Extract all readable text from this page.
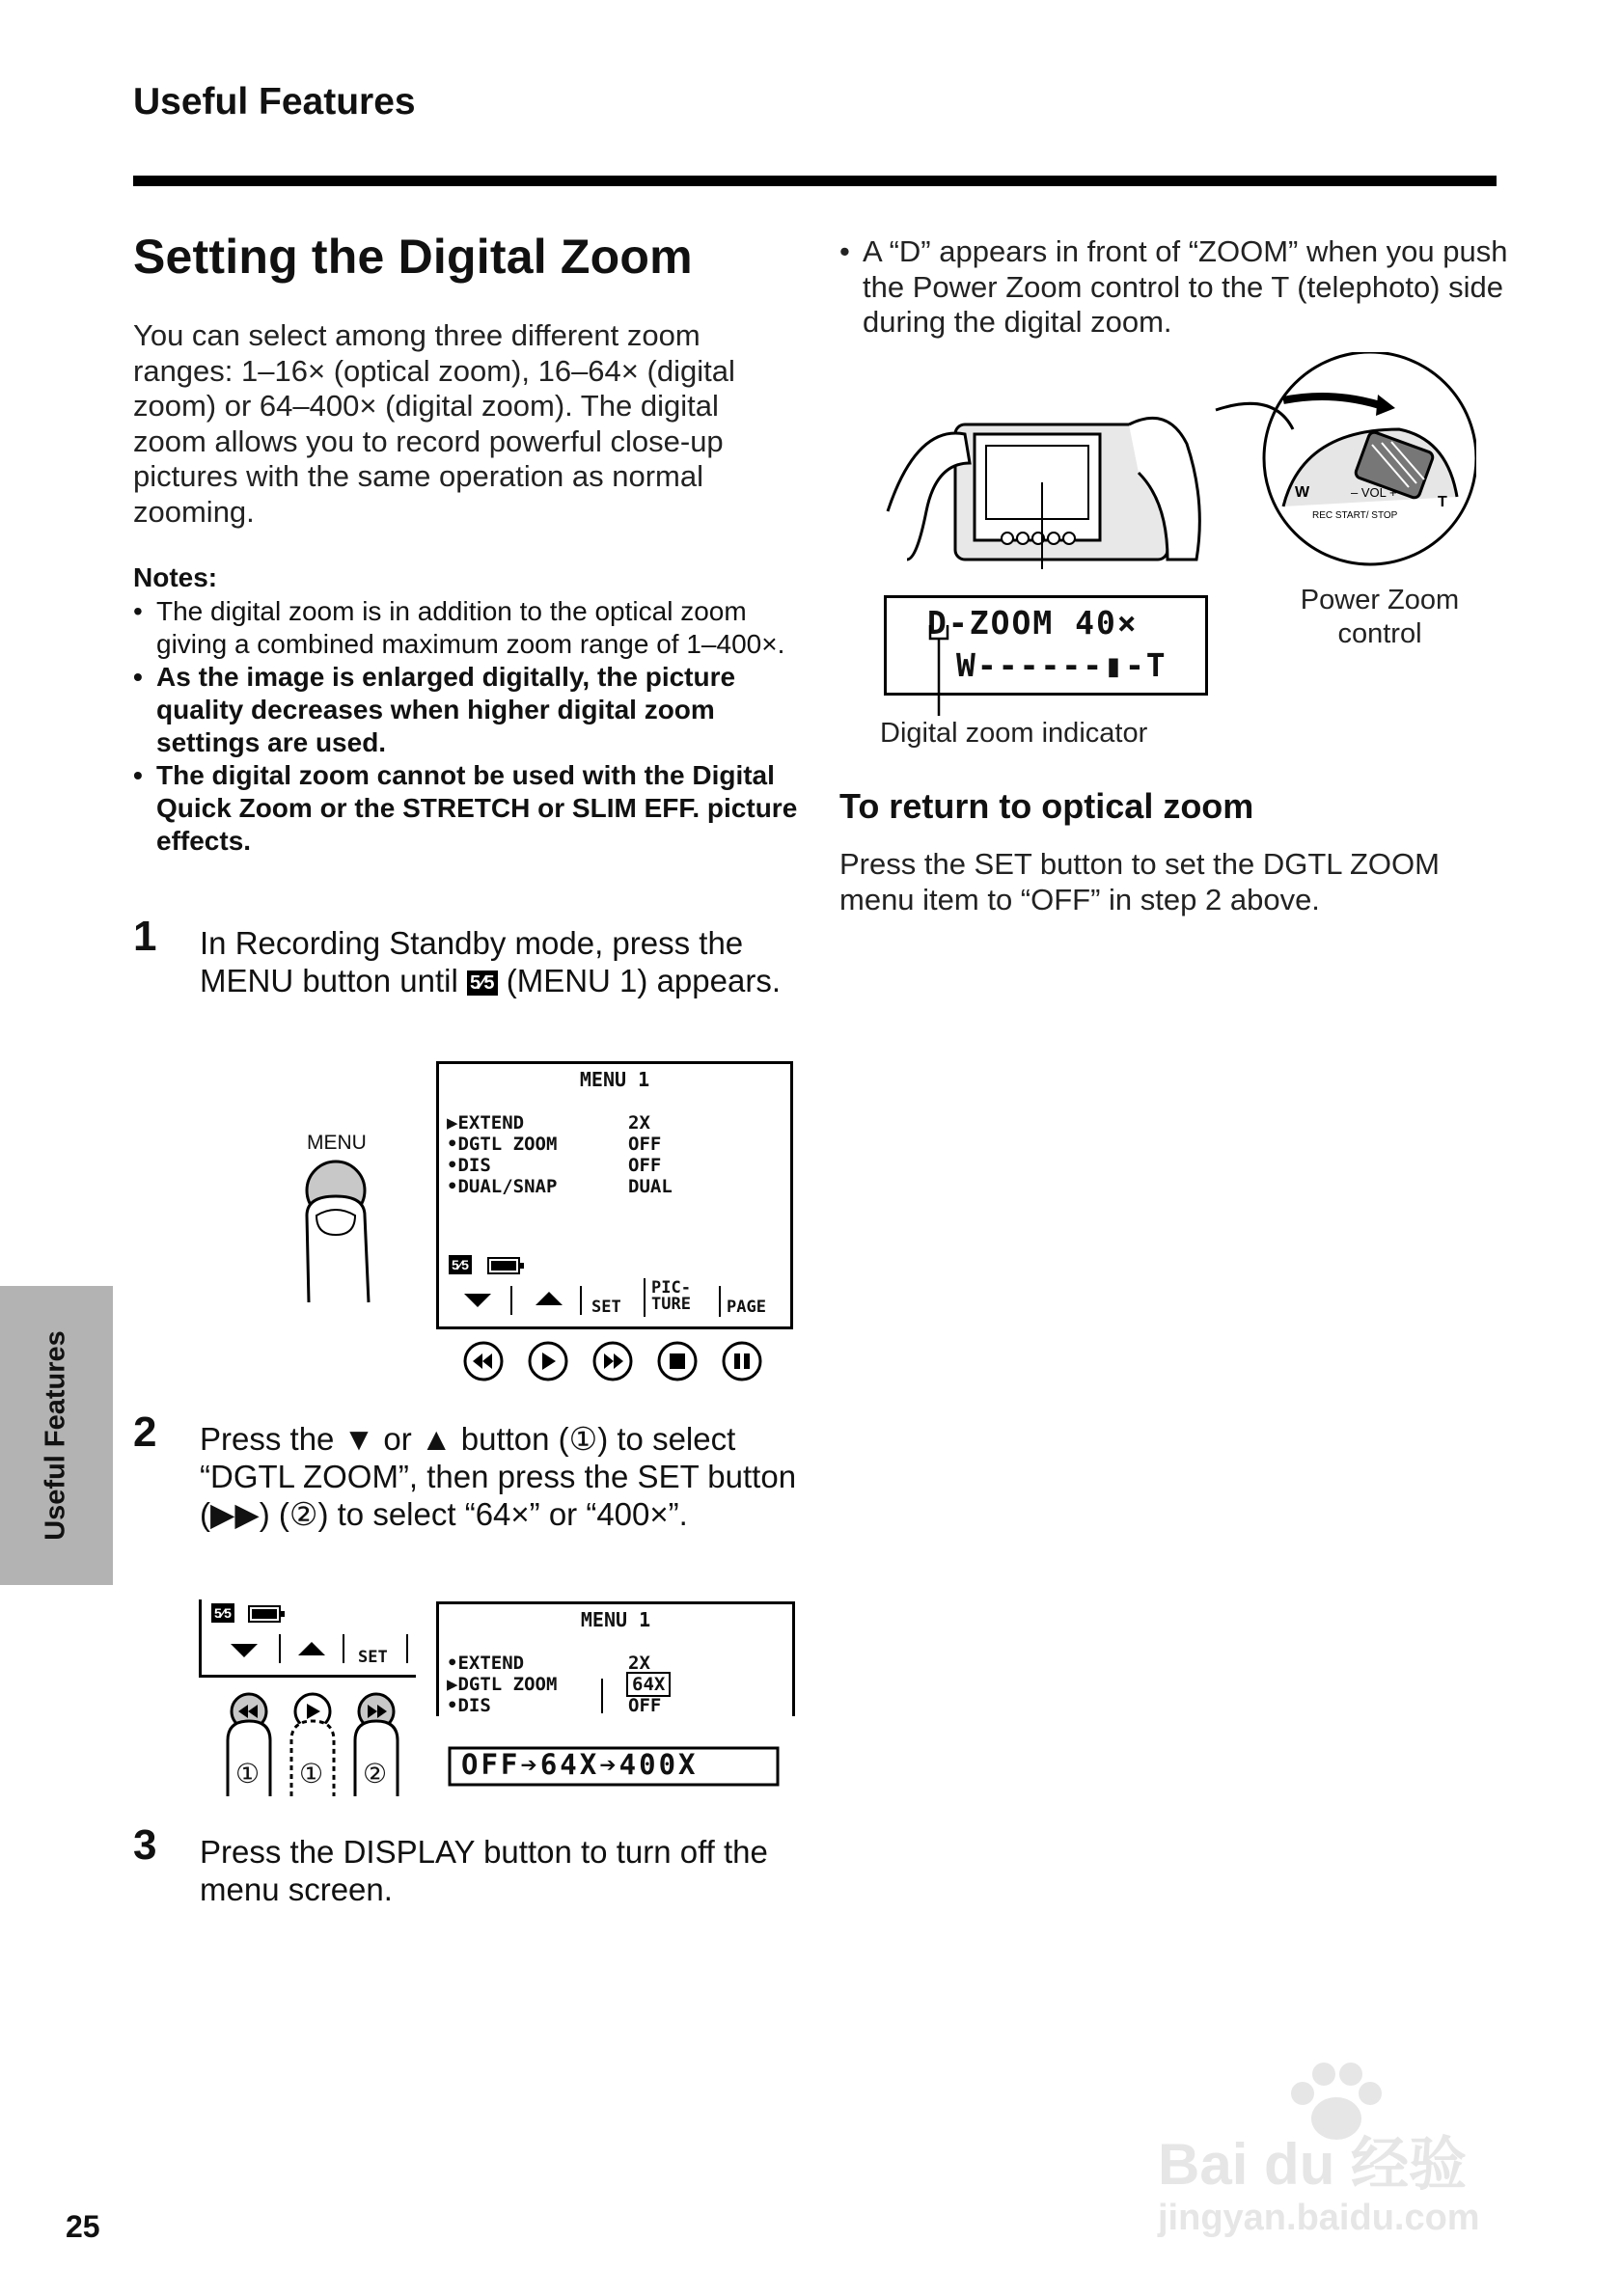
Useful Features
Setting the Digital Zoom
You can select among three different zoom ranges: 1–16× (optical zoom), 16–64× (digital zoom) or 64–400× (digital zoom). The digital zoom allows you to record powerful close-up pictures with the same operation as normal zooming.
Notes:
• The digital zoom is in addition to the optical zoom giving a combined maximum zoom range of 1–400×.
• As the image is enlarged digitally, the picture quality decreases when higher digital zoom settings are used.
• The digital zoom cannot be used with the Digital Quick Zoom or the STRETCH or SLIM EFF. picture effects.
1 In Recording Standby mode, press the MENU button until 5⁄5 (MENU 1) appears.
MENU
MENU 1
▶EXTEND
•DGTL ZOOM
•DIS
•DUAL/SNAP
2X
OFF
OFF
DUAL
5⁄5
SET
PIC-
TURE PAGE
2 Press the ▼ or ▲ button (①) to select “DGTL ZOOM”, then press the SET button (▶▶) (②) to select “64×” or “400×”.
5⁄5
SET
① ① ②
MENU 1
•EXTEND
▶DGTL ZOOM
•DIS
2X
64X
OFF
OFF➔64X➔400X
3 Press the DISPLAY button to turn off the menu screen.
• A “D” appears in front of “ZOOM” when you push the Power Zoom control to the T (telephoto) side during the digital zoom.
W
T
– VOL +
REC START/ STOP
Power Zoom control
D-ZOOM 40×
W------▮-T
Digital zoom indicator
To return to optical zoom
Press the SET button to set the DGTL ZOOM menu item to “OFF” in step 2 above.
Useful Features
25
Bai du 经验
jingyan.baidu.com
